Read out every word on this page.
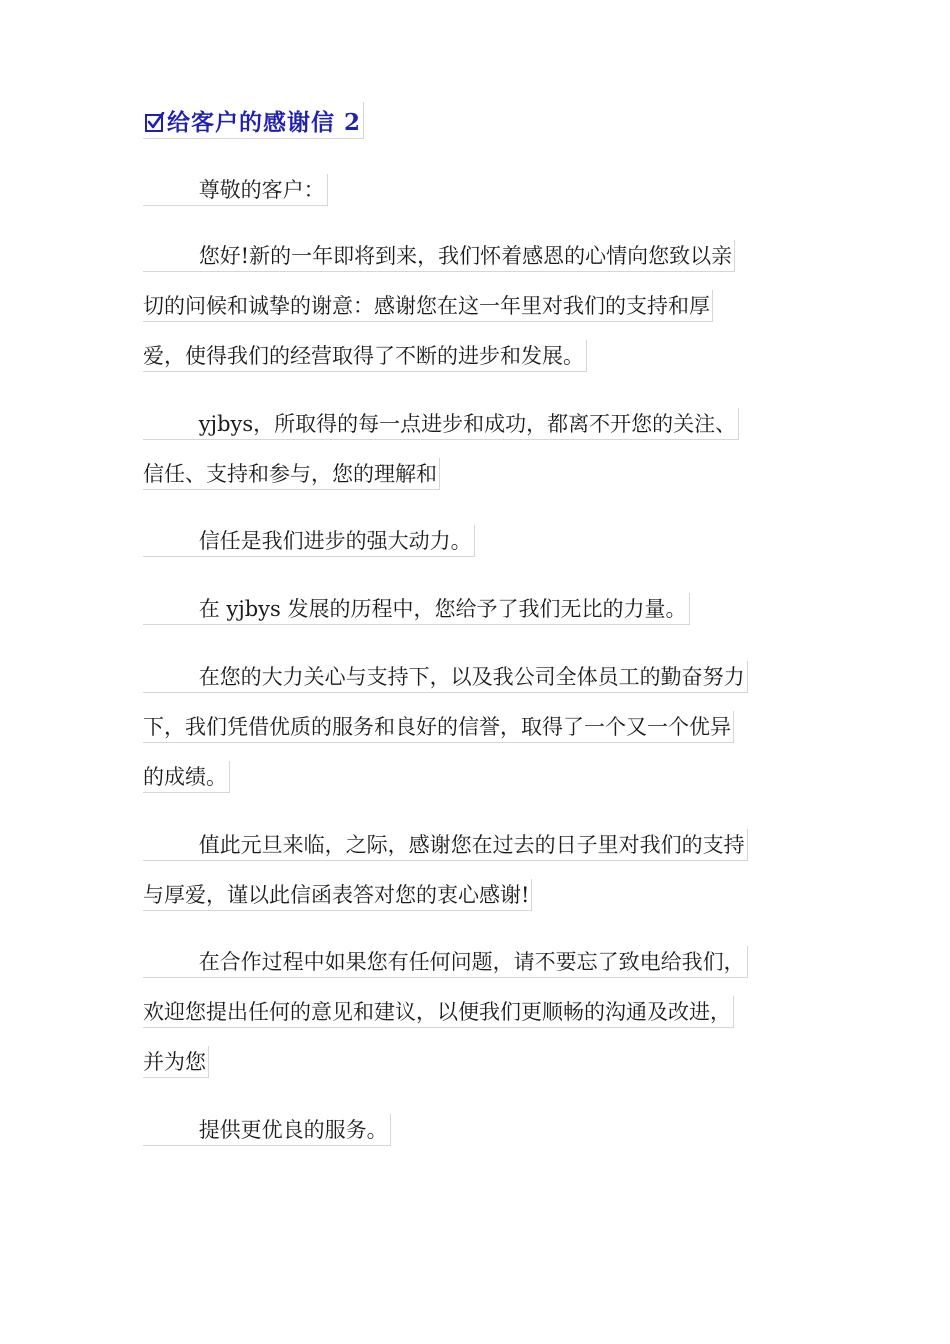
给客户的感谢信 2
尊敬的客户：
您好!新的一年即将到来，我们怀着感恩的心情向您致以亲
切的问候和诚挚的谢意：感谢您在这一年里对我们的支持和厚
爱，使得我们的经营取得了不断的进步和发展。
yjbys，所取得的每一点进步和成功，都离不开您的关注、
信任、支持和参与，您的理解和
信任是我们进步的强大动力。
在 yjbys 发展的历程中，您给予了我们无比的力量。
在您的大力关心与支持下，以及我公司全体员工的勤奋努力
下，我们凭借优质的服务和良好的信誉，取得了一个又一个优异
的成绩。
值此元旦来临，之际，感谢您在过去的日子里对我们的支持
与厚爱，谨以此信函表答对您的衷心感谢!
在合作过程中如果您有任何问题，请不要忘了致电给我们，
欢迎您提出任何的意见和建议，以便我们更顺畅的沟通及改进，
并为您
提供更优良的服务。
